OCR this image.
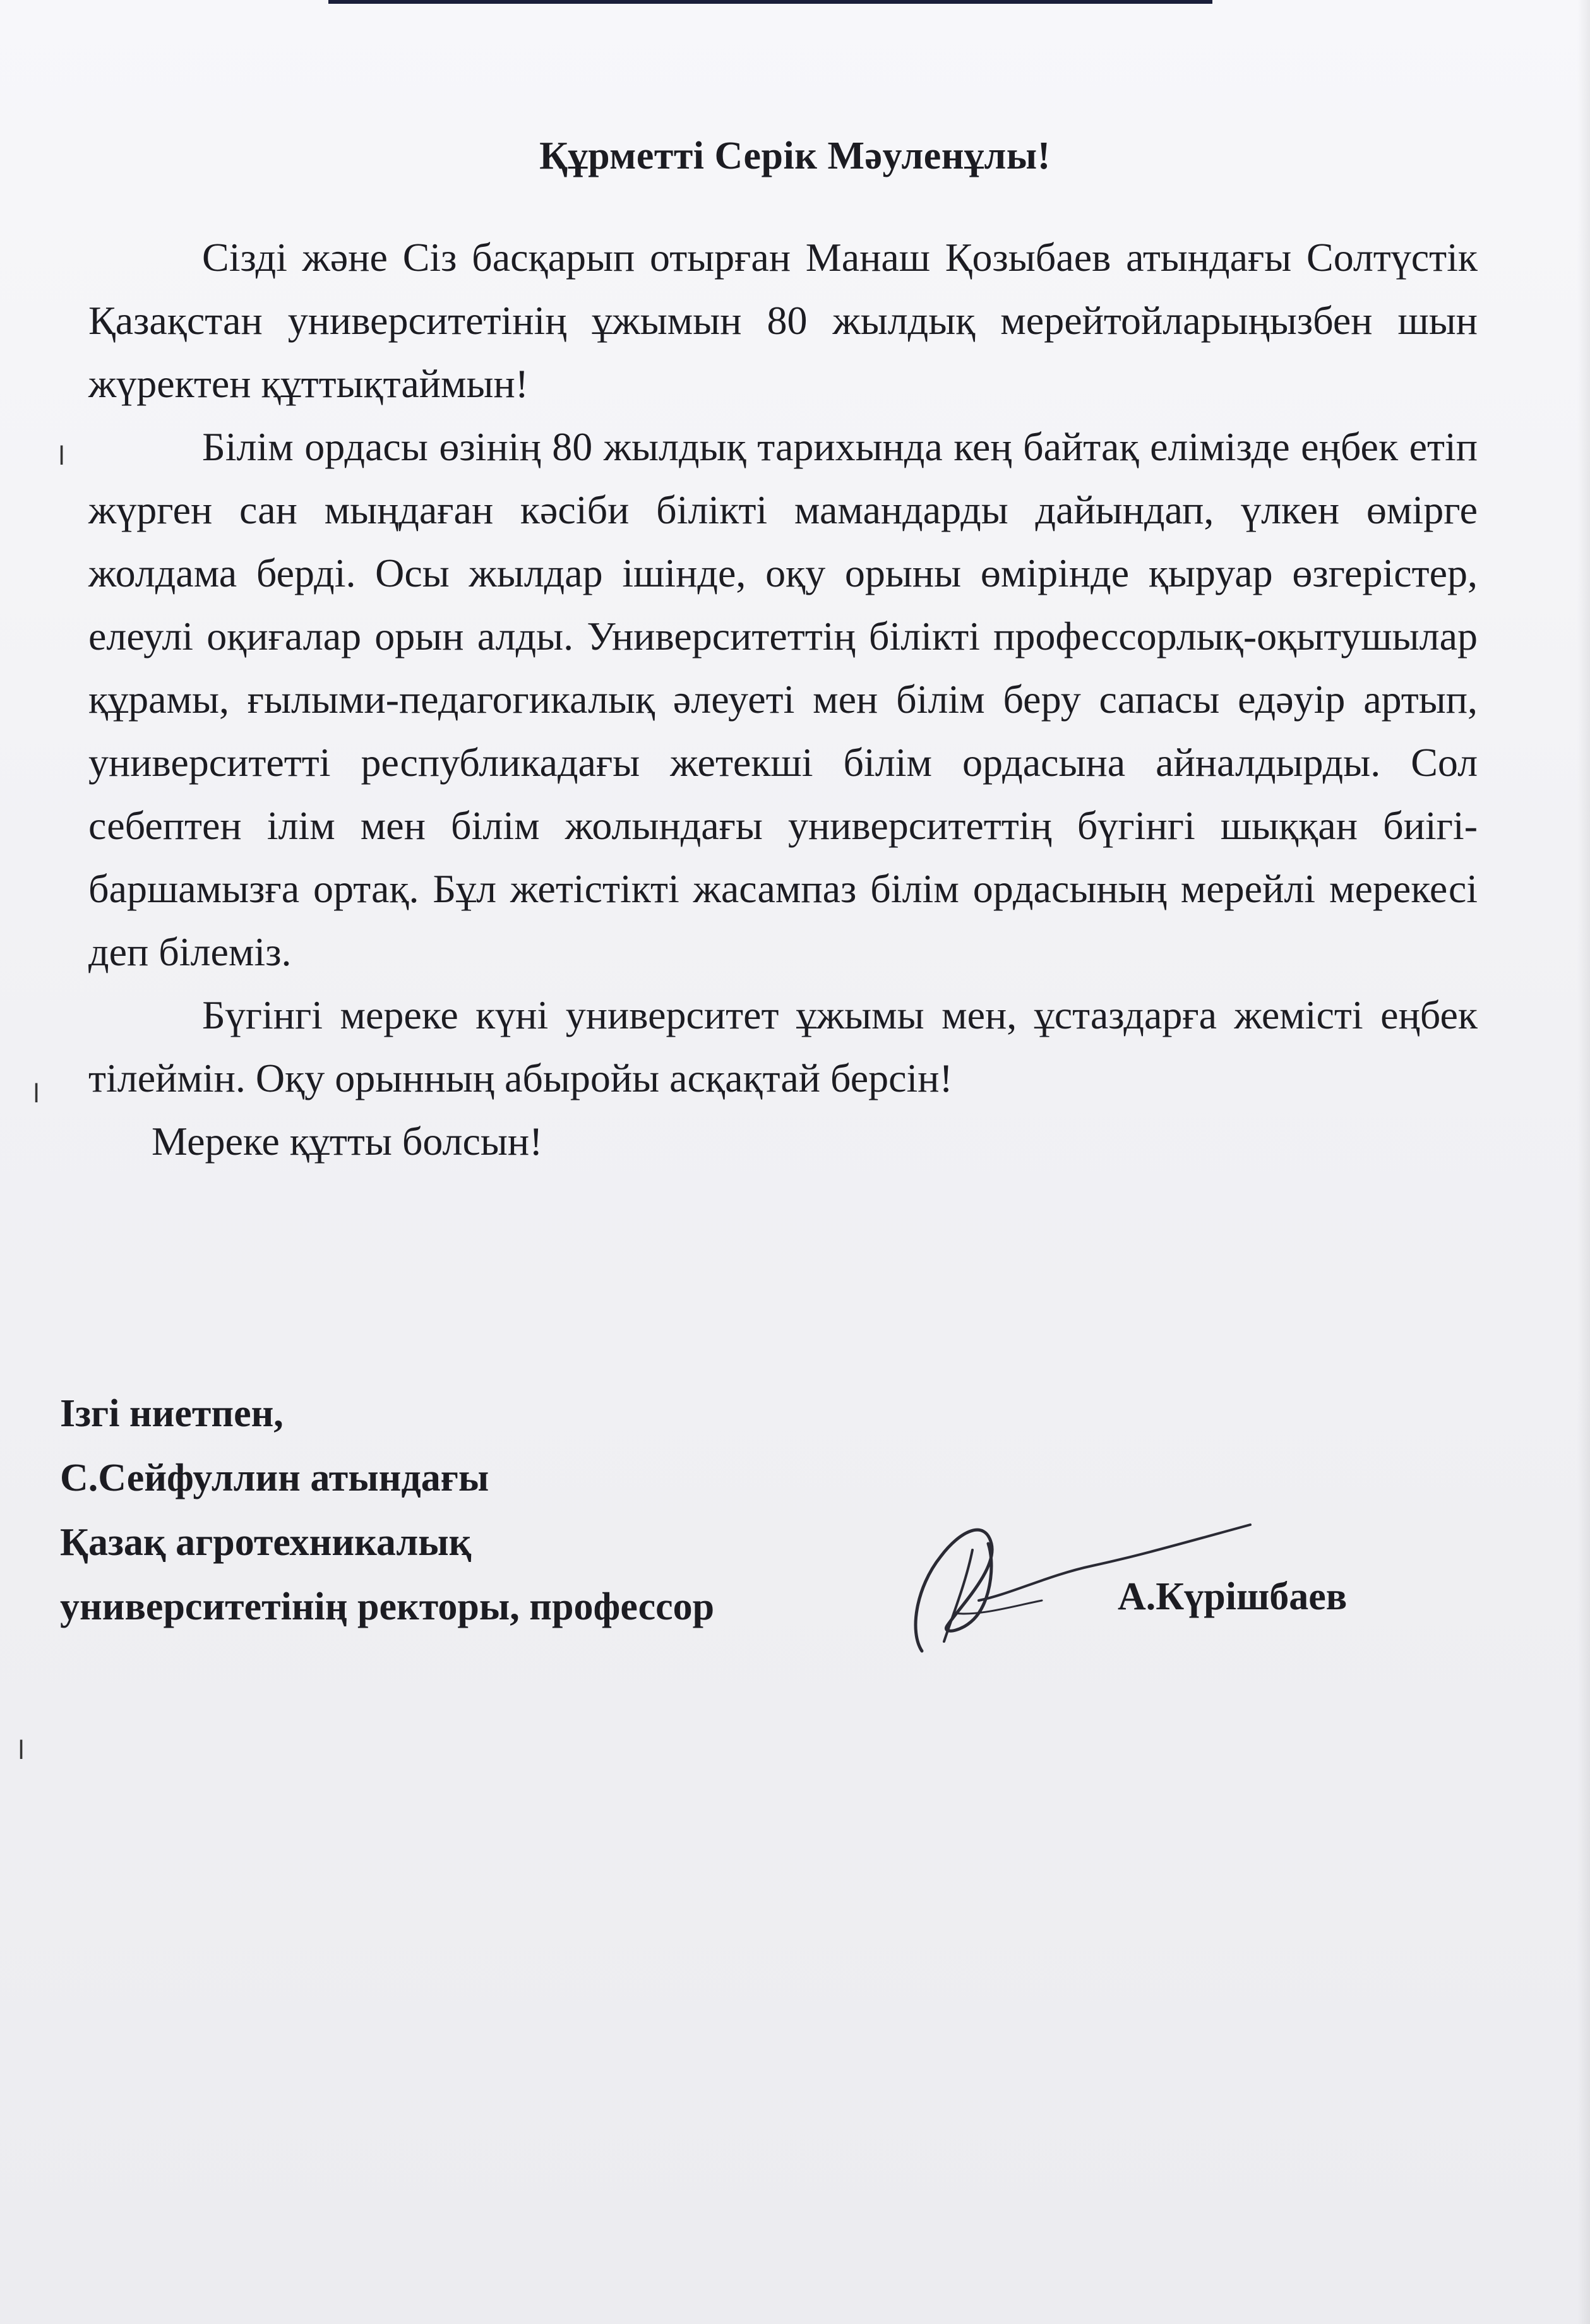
Құрметті Серік Мәуленұлы!

Сізді және Сіз басқарып отырған Манаш Қозыбаев атындағы Солтүстік Қазақстан университетінің ұжымын 80 жылдық мерейтойларыңызбен шын жүректен құттықтаймын!

Білім ордасы өзінің 80 жылдық тарихында кең байтақ елімізде еңбек етіп жүрген сан мыңдаған кәсіби білікті мамандарды дайындап, үлкен өмірге жолдама берді. Осы жылдар ішінде, оқу орыны өмірінде қыруар өзгерістер, елеулі оқиғалар орын алды. Университеттің білікті профессорлық-оқытушылар құрамы, ғылыми-педагогикалық әлеуеті мен білім беру сапасы едәуір артып, университетті республикадағы жетекші білім ордасына айналдырды. Сол себептен ілім мен білім жолындағы университеттің бүгінгі шыққан биігі-баршамызға ортақ. Бұл жетістікті жасампаз білім ордасының мерейлі мерекесі деп білеміз.

Бүгінгі мереке күні университет ұжымы мен, ұстаздарға жемісті еңбек тілеймін. Оқу орынның абыройы асқақтай берсін!

Мереке құтты болсын!

ⅼ
ⅼ
ⅼ
Ізгі ниетпен,
С.Сейфуллин атындағы
Қазақ агротехникалық
университетінің ректоры, профессор	А.Күрішбаев
